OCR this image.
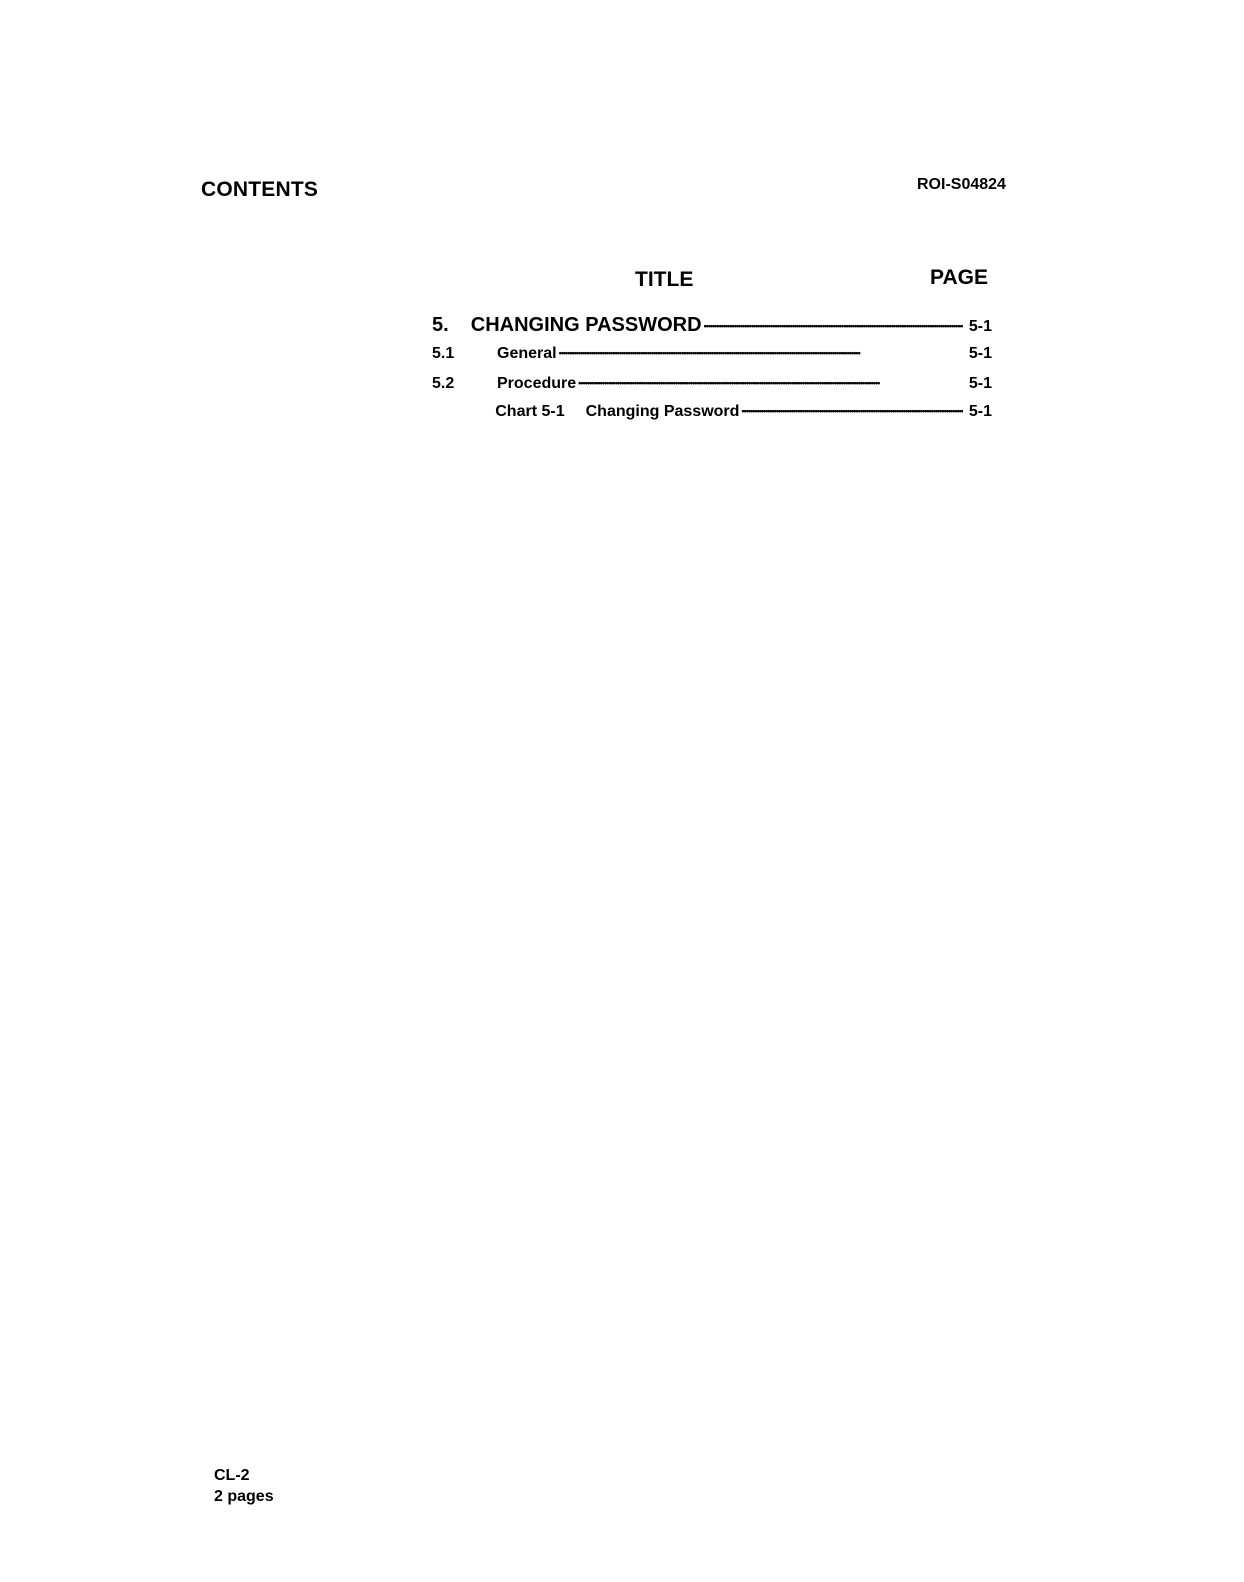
CONTENTS	ROI-S04824
TITLE	PAGE
5.	CHANGING PASSWORD •••••	5-1
5.1	General •••••	5-1
5.2	Procedure •••••	5-1
Chart 5-1 Changing Password •••••	5-1
CL-2
2 pages
